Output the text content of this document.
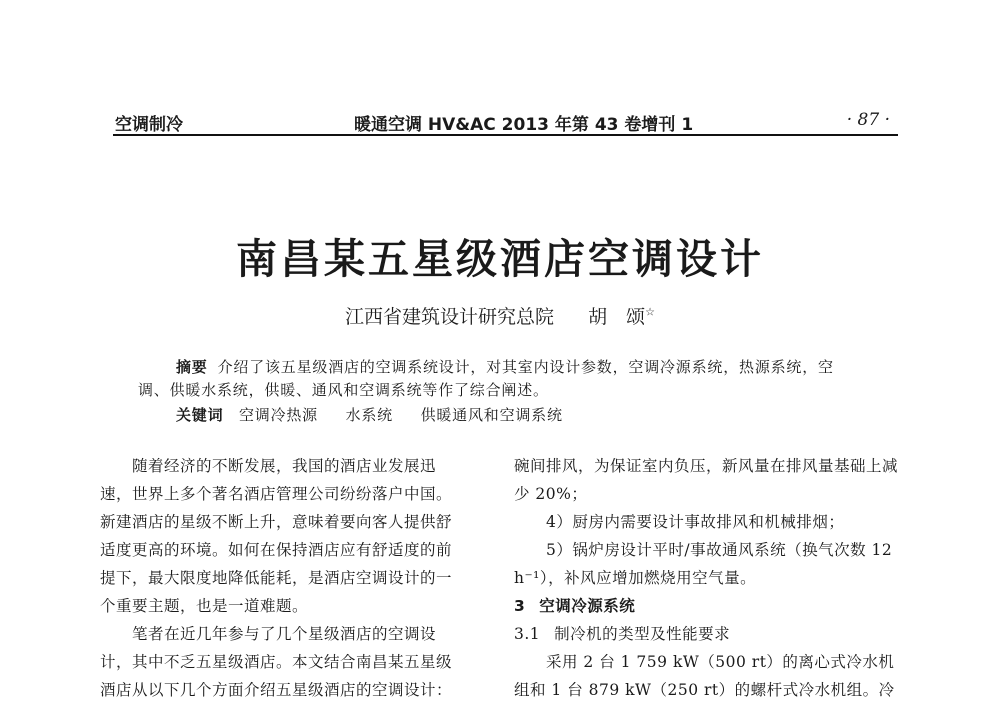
空调制冷	暖通空调 HV&AC 2013 年第 43 卷增刊 1	· 87 ·
南昌某五星级酒店空调设计
江西省建筑设计研究总院 胡　颂☆

摘要 介绍了该五星级酒店的空调系统设计，对其室内设计参数，空调冷源系统，热源系统，空调、供暖水系统，供暖、通风和空调系统等作了综合阐述。

关键词 空调冷热源 水系统 供暖通风和空调系统

随着经济的不断发展，我国的酒店业发展迅速，世界上多个著名酒店管理公司纷纷落户中国。新建酒店的星级不断上升，意味着要向客人提供舒适度更高的环境。如何在保持酒店应有舒适度的前提下，最大限度地降低能耗，是酒店空调设计的一个重要主题，也是一道难题。

笔者在近几年参与了几个星级酒店的空调设计，其中不乏五星级酒店。本文结合南昌某五星级酒店从以下几个方面介绍五星级酒店的空调设计：

碗间排风，为保证室内负压，新风量在排风量基础上减少 20%；

4）厨房内需要设计事故排风和机械排烟；

5）锅炉房设计平时/事故通风系统（换气次数 12 h⁻¹），补风应增加燃烧用空气量。

3 空调冷源系统

3.1 制冷机的类型及性能要求

采用 2 台 1 759 kW（500 rt）的离心式冷水机组和 1 台 879 kW（250 rt）的螺杆式冷水机组。冷
